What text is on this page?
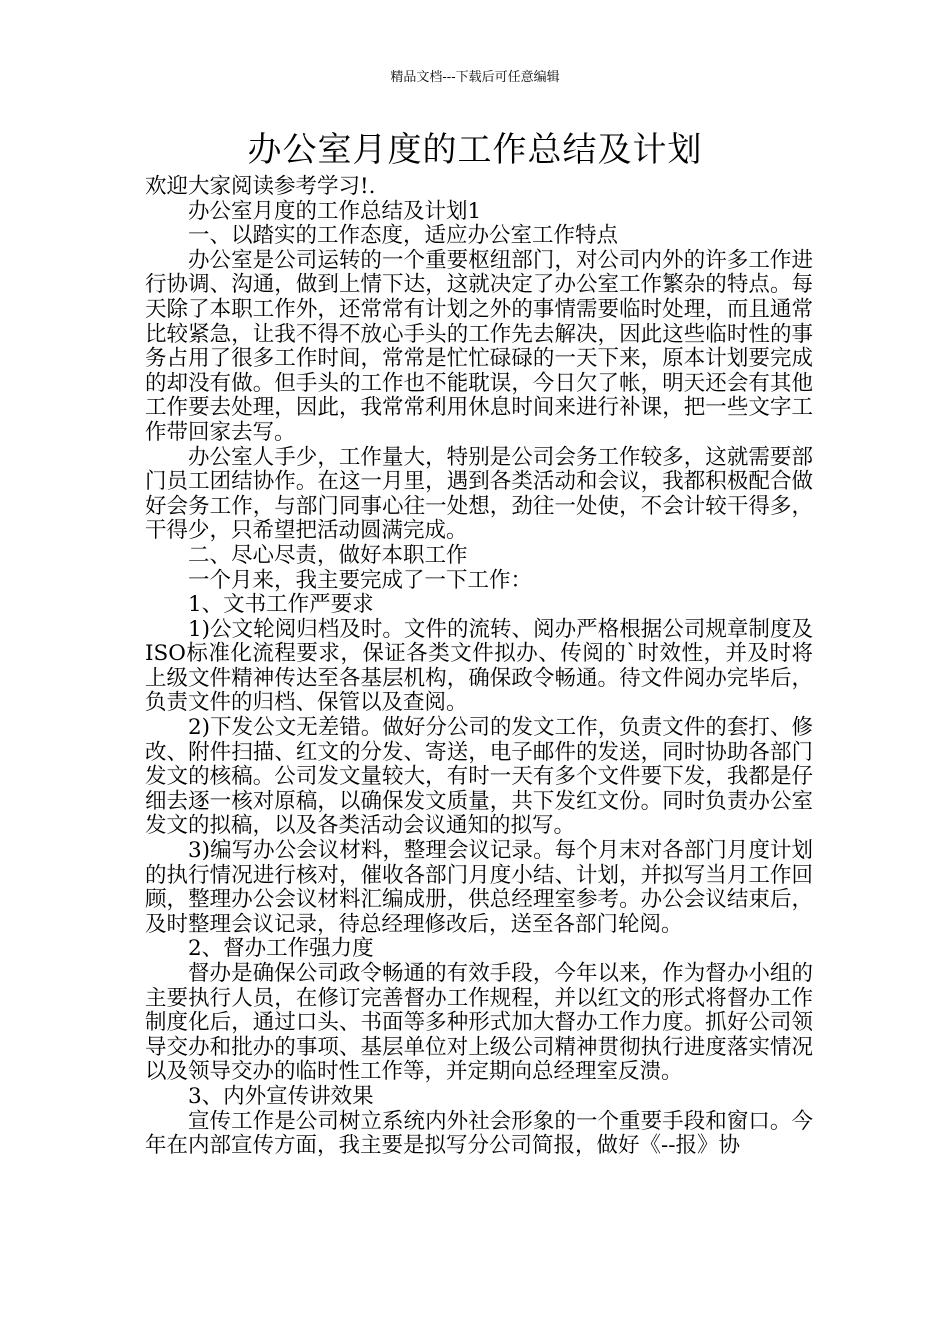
精品文档---下载后可任意编辑
办公室月度的工作总结及计划

欢迎大家阅读参考学习!.

办公室月度的工作总结及计划1

一、以踏实的工作态度，适应办公室工作特点

办公室是公司运转的一个重要枢纽部门，对公司内外的许多工作进行协调、沟通，做到上情下达，这就决定了办公室工作繁杂的特点。每天除了本职工作外，还常常有计划之外的事情需要临时处理，而且通常比较紧急，让我不得不放心手头的工作先去解决，因此这些临时性的事务占用了很多工作时间，常常是忙忙碌碌的一天下来，原本计划要完成的却没有做。但手头的工作也不能耽误，今日欠了帐，明天还会有其他工作要去处理，因此，我常常利用休息时间来进行补课，把一些文字工作带回家去写。

办公室人手少，工作量大，特别是公司会务工作较多，这就需要部门员工团结协作。在这一月里，遇到各类活动和会议，我都积极配合做好会务工作，与部门同事心往一处想，劲往一处使，不会计较干得多，干得少，只希望把活动圆满完成。

二、尽心尽责，做好本职工作

一个月来，我主要完成了一下工作：

1、文书工作严要求

1)公文轮阅归档及时。文件的流转、阅办严格根据公司规章制度及ISO标准化流程要求，保证各类文件拟办、传阅的`时效性，并及时将上级文件精神传达至各基层机构，确保政令畅通。待文件阅办完毕后，负责文件的归档、保管以及查阅。

2)下发公文无差错。做好分公司的发文工作，负责文件的套打、修改、附件扫描、红文的分发、寄送，电子邮件的发送，同时协助各部门发文的核稿。公司发文量较大，有时一天有多个文件要下发，我都是仔细去逐一核对原稿，以确保发文质量，共下发红文份。同时负责办公室发文的拟稿，以及各类活动会议通知的拟写。

3)编写办公会议材料，整理会议记录。每个月末对各部门月度计划的执行情况进行核对，催收各部门月度小结、计划，并拟写当月工作回顾，整理办公会议材料汇编成册，供总经理室参考。办公会议结束后，及时整理会议记录，待总经理修改后，送至各部门轮阅。

2、督办工作强力度

督办是确保公司政令畅通的有效手段，今年以来，作为督办小组的主要执行人员，在修订完善督办工作规程，并以红文的形式将督办工作制度化后，通过口头、书面等多种形式加大督办工作力度。抓好公司领导交办和批办的事项、基层单位对上级公司精神贯彻执行进度落实情况以及领导交办的临时性工作等，并定期向总经理室反溃。

3、内外宣传讲效果

宣传工作是公司树立系统内外社会形象的一个重要手段和窗口。今年在内部宣传方面，我主要是拟写分公司简报，做好《--报》协
